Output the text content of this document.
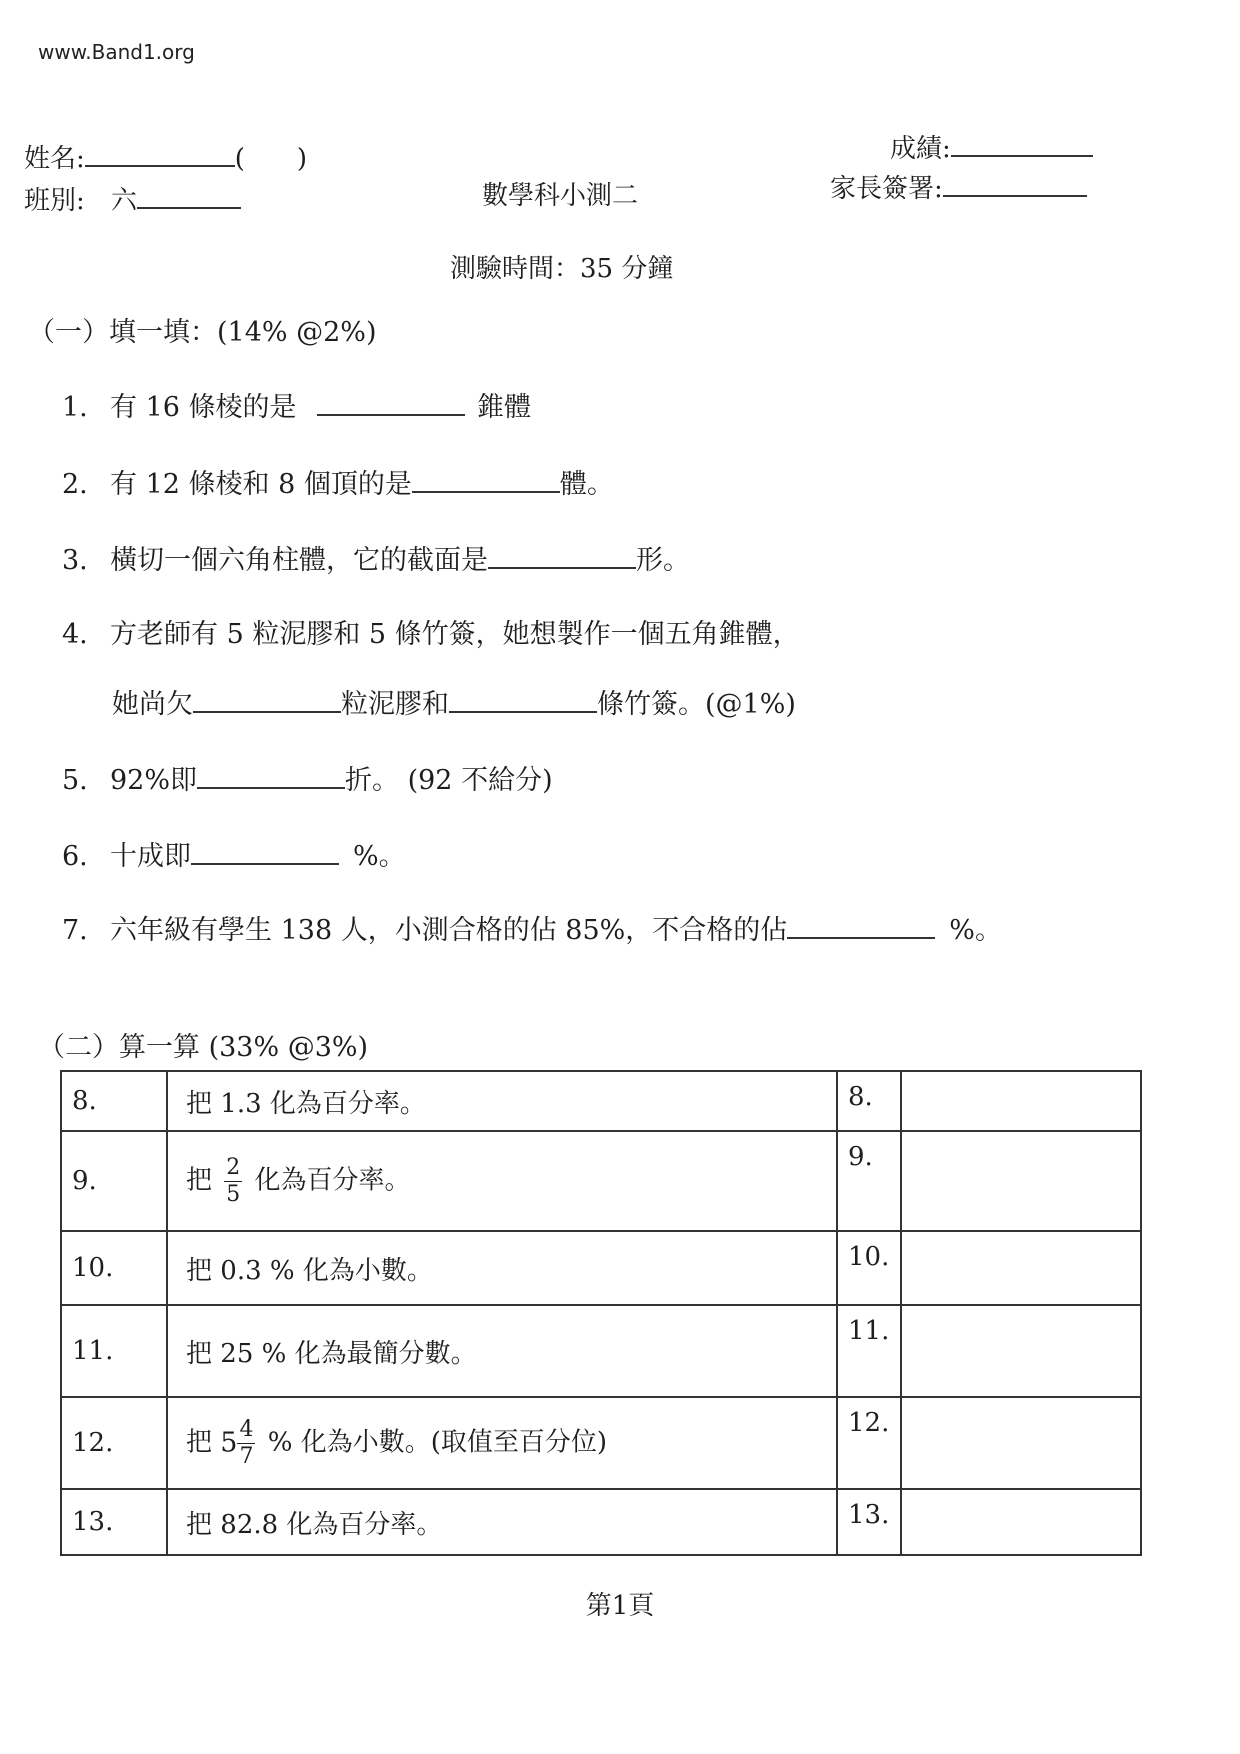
www.Band1.org
姓名:	(　　)
班別: 六	數學科小測二
成績:
家長簽署:
測驗時間：35 分鐘
（一）填一填：(14% @2%)
1. 有 16 條棱的是	錐體
2. 有 12 條棱和 8 個頂的是	體。
3. 橫切一個六角柱體，它的截面是	形。
4. 方老師有 5 粒泥膠和 5 條竹簽，她想製作一個五角錐體，
她尚欠	粒泥膠和	條竹簽。(@1%)
5. 92%即	折。 (92 不給分)
6. 十成即	%。
7. 六年級有學生 138 人，小測合格的佔 85%，不合格的佔	%。
（二）算一算 (33% @3%)
8.	把 1.3 化為百分率。	8.	
9.	把 $\frac{2}{5}$ 化為百分率。	9.	
10.	把 0.3 % 化為小數。	10.	
11.	把 25 % 化為最簡分數。	11.	
12.	把 $5 \frac{4}{7}$ % 化為小數。(取值至百分位)	12.	
13.	把 82.8 化為百分率。	13.	
第1頁
